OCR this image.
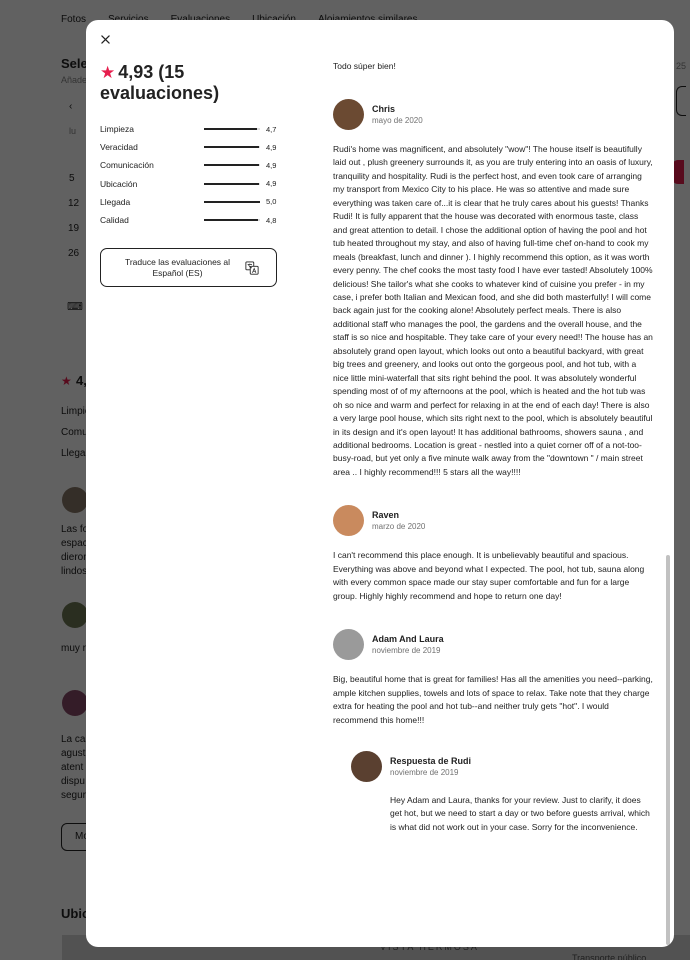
★ 4,93 (15 evaluaciones)
Limpieza	4,7
Veracidad	4,9
Comunicación	4,9
Ubicación	4,9
Llegada	5,0
Calidad	4,8
Traduce las evaluaciones al Español (ES)
Todo súper bien!
Chris
mayo de 2020
Rudi's home was magnificent, and absolutely "wow"! The house itself is beautifully laid out , plush greenery surrounds it, as you are truly entering into an oasis of luxury, tranquility and hospitality. Rudi is the perfect host, and even took care of arranging my transport from Mexico City to his place. He was so attentive and made sure everything was taken care of...it is clear that he truly cares about his guests! Thanks Rudi! It is fully apparent that the house was decorated with enormous taste, class and great attention to detail. I chose the additional option of having the pool and hot tub heated throughout my stay, and also of having full-time chef on-hand to cook my meals (breakfast, lunch and dinner ). I highly recommend this option, as it was worth every penny. The chef cooks the most tasty food I have ever tasted! Absolutely 100% delicious! She tailor's what she cooks to whatever kind of cuisine you prefer - in my case, i prefer both Italian and Mexican food, and she did both masterfully! I will come back again just for the cooking alone! Absolutely perfect meals. There is also additional staff who manages the pool, the gardens and the overall house, and the staff is so nice and hospitable. They take care of your every need!! The house has an absolutely grand open layout, which looks out onto a beautiful backyard, with great big trees and greenery, and looks out onto the gorgeous pool, and hot tub, with a nice little mini-waterfall that sits right behind the pool. It was absolutely wonderful spending most of of my afternoons at the pool, which is heated and the hot tub was oh so nice and warm and perfect for relaxing in at the end of each day! There is also a very large pool house, which sits right next to the pool, which is absolutely beautiful in its design and it's open layout! It has additional bathrooms, showers sauna , and additional bedrooms. Location is great - nestled into a quiet corner off of a not-too-busy-road, but yet only a five minute walk away from the "downtown " / main street area .. I highly recommend!!! 5 stars all the way!!!!
Raven
marzo de 2020
I can't recommend this place enough. It is unbelievably beautiful and spacious. Everything was above and beyond what I expected. The pool, hot tub, sauna along with every common space made our stay super comfortable and fun for a large group. Highly highly recommend and hope to return one day!
Adam And Laura
noviembre de 2019
Big, beautiful home that is great for families! Has all the amenities you need--parking, ample kitchen supplies, towels and lots of space to relax. Take note that they charge extra for heating the pool and hot tub--and neither truly gets "hot". I would recommend this home!!!
Respuesta de Rudi
noviembre de 2019
Hey Adam and Laura, thanks for your review. Just to clarify, it does get hot, but we need to start a day or two before guests arrival, which is what did not work out in your case. Sorry for the inconvenience.
